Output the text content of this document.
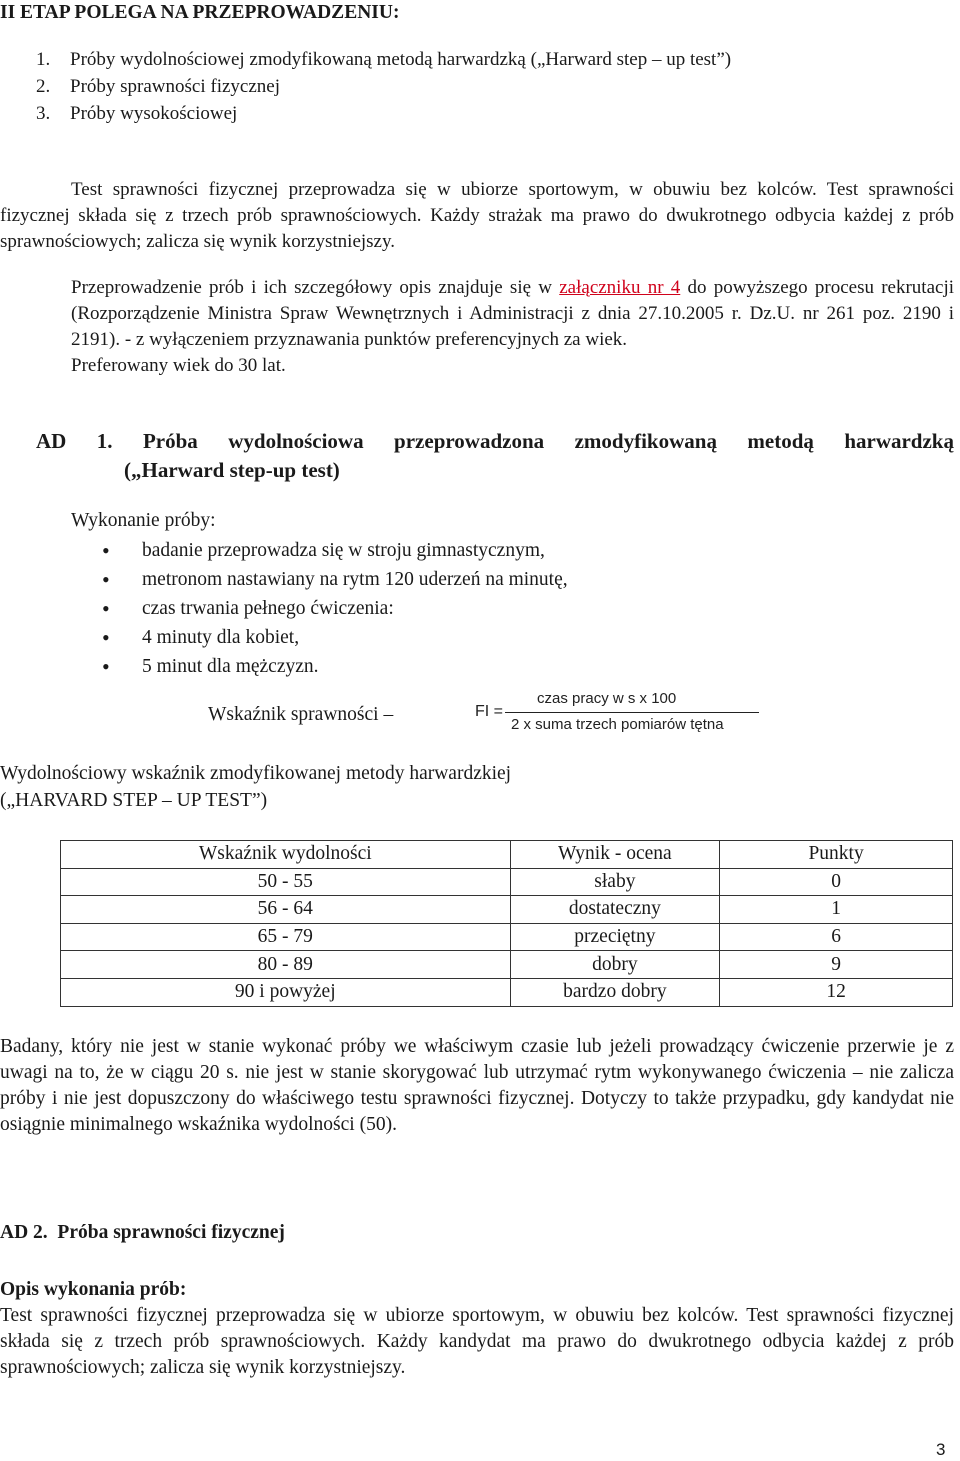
II ETAP POLEGA NA PRZEPROWADZENIU:
1. Próby wydolnościowej zmodyfikowaną metodą harwardzką („Harward step – up test”)
2. Próby sprawności fizycznej
3. Próby wysokościowej

Test sprawności fizycznej przeprowadza się w ubiorze sportowym, w obuwiu bez kolców. Test sprawności fizycznej składa się z trzech prób sprawnościowych. Każdy strażak ma prawo do dwukrotnego odbycia każdej z prób sprawnościowych; zalicza się wynik korzystniejszy.

Przeprowadzenie prób i ich szczegółowy opis znajduje się w załączniku nr 4 do powyższego procesu rekrutacji (Rozporządzenie Ministra Spraw Wewnętrznych i Administracji z dnia 27.10.2005 r. Dz.U. nr 261 poz. 2190 i 2191). - z wyłączeniem przyznawania punktów preferencyjnych za wiek.

Preferowany wiek do 30 lat.

AD 1. Próba wydolnościowa przeprowadzona zmodyfikowaną metodą harwardzką

(„Harward step-up test)
Wykonanie próby:
• badanie przeprowadza się w stroju gimnastycznym,
• metronom nastawiany na rytm 120 uderzeń na minutę,
• czas trwania pełnego ćwiczenia:
• 4 minuty dla kobiet,
• 5 minut dla mężczyzn.
Wskaźnik sprawności –	FI =
czas pracy w s x 100
2 x suma trzech pomiarów tętna
Wydolnościowy wskaźnik zmodyfikowanej metody harwardzkiej
(„HARVARD STEP – UP TEST”)
Wskaźnik wydolności	Wynik - ocena	Punkty
50 - 55	słaby	0
56 - 64	dostateczny	1
65 - 79	przeciętny	6
80 - 89	dobry	9
90 i powyżej	bardzo dobry	12

Badany, który nie jest w stanie wykonać próby we właściwym czasie lub jeżeli prowadzący ćwiczenie przerwie je z uwagi na to, że w ciągu 20 s. nie jest w stanie skorygować lub utrzymać rytm wykonywanego ćwiczenia – nie zalicza próby i nie jest dopuszczony do właściwego testu sprawności fizycznej. Dotyczy to także przypadku, gdy kandydat nie osiągnie minimalnego wskaźnika wydolności (50).

AD 2.  Próba sprawności fizycznej
Opis wykonania prób:

Test sprawności fizycznej przeprowadza się w ubiorze sportowym, w obuwiu bez kolców. Test sprawności fizycznej składa się z trzech prób sprawnościowych. Każdy kandydat ma prawo do dwukrotnego odbycia każdej z prób sprawnościowych; zalicza się wynik korzystniejszy.

3
